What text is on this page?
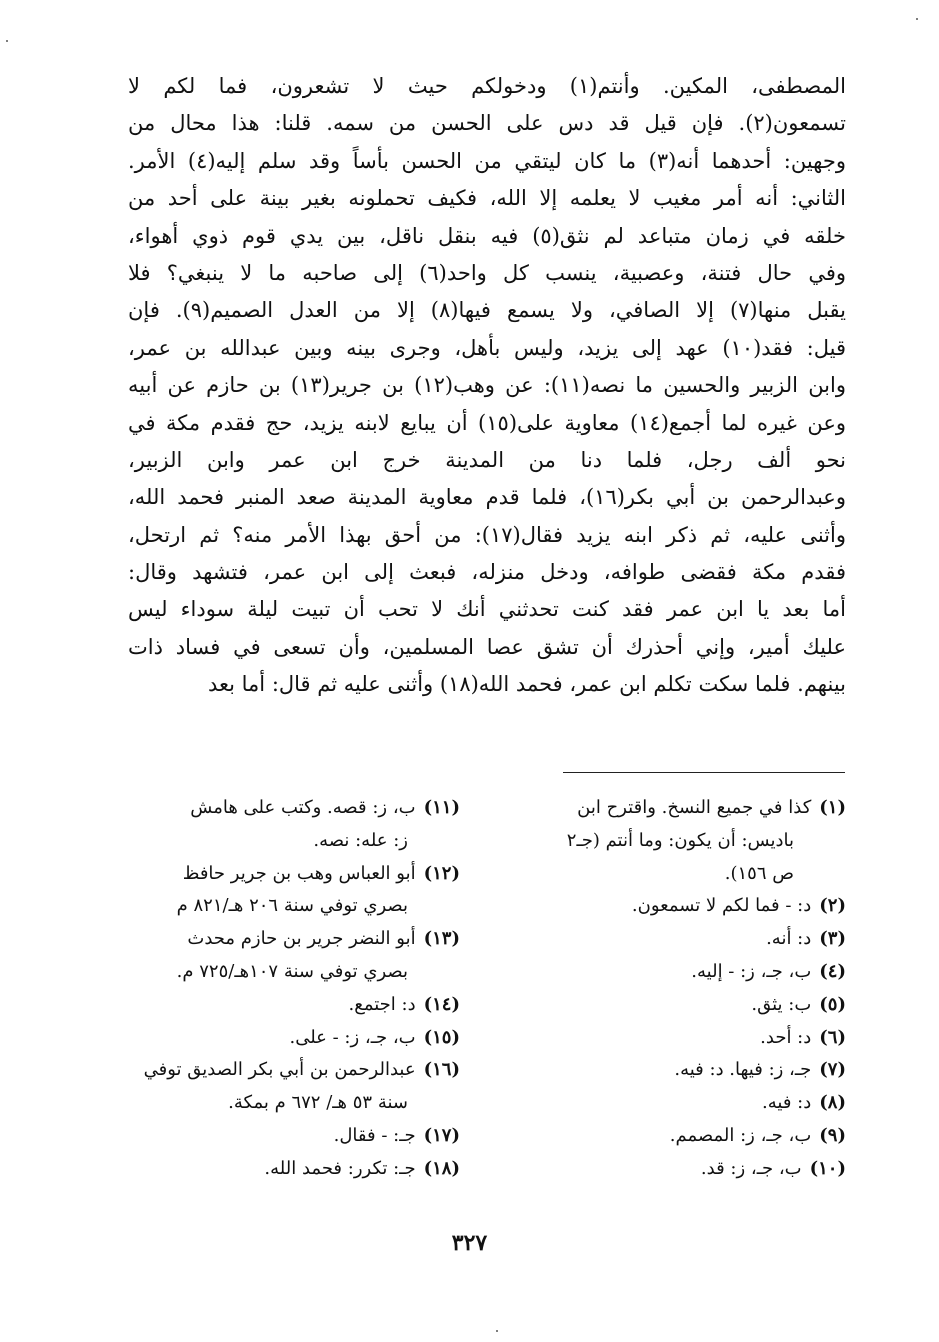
المصطفى، المكين. وأنتم(١) ودخولكم حيث لا تشعرون، فما لكم لا
تسمعون(٢). فإن قيل قد دس على الحسن من سمه. قلنا: هذا محال من
وجهين: أحدهما أنه(٣) ما كان ليتقي من الحسن بأساً وقد سلم إليه(٤) الأمر.
الثاني: أنه أمر مغيب لا يعلمه إلا الله، فكيف تحملونه بغير بينة على أحد من
خلقه في زمان متباعد لم نثق(٥) فيه بنقل ناقل، بين يدي قوم ذوي أهواء،
وفي حال فتنة، وعصبية، ينسب كل واحد(٦) إلى صاحبه ما لا ينبغي؟ فلا
يقبل منها(٧) إلا الصافي، ولا يسمع فيها(٨) إلا من العدل الصميم(٩). فإن
قيل: فقد(١٠) عهد إلى يزيد، وليس بأهل، وجرى بينه وبين عبدالله بن عمر،
وابن الزبير والحسين ما نصه(١١): عن وهب(١٢) بن جرير(١٣) بن حازم عن أبيه
وعن غيره لما أجمع(١٤) معاوية على(١٥) أن يبايع لابنه يزيد، حج فقدم مكة في
نحو ألف رجل، فلما دنا من المدينة خرج ابن عمر وابن الزبير،
وعبدالرحمن بن أبي بكر(١٦)، فلما قدم معاوية المدينة صعد المنبر فحمد الله،
وأثنى عليه، ثم ذكر ابنه يزيد فقال(١٧): من أحق بهذا الأمر منه؟ ثم ارتحل،
فقدم مكة فقضى طوافه، ودخل منزله، فبعث إلى ابن عمر، فتشهد وقال:
أما بعد يا ابن عمر فقد كنت تحدثني أنك لا تحب أن تبيت ليلة سوداء ليس
عليك أمير، وإني أحذرك أن تشق عصا المسلمين، وأن تسعى في فساد ذات
بينهم. فلما سكت تكلم ابن عمر، فحمد الله(١٨) وأثنى عليه ثم قال: أما بعد
(١)كذا في جميع النسخ. واقترح ابن
باديس: أن يكون: وما أنتم (جـ٢
ص ١٥٦).
(٢)د: - فما لكم لا تسمعون.
(٣)د: أنه.
(٤)ب، جـ، ز: - إليه.
(٥)ب: يثق.
(٦)د: أحد.
(٧)جـ، ز: فيها. د: فيه.
(٨)د: فيه.
(٩)ب، جـ، ز: المصمم.
(١٠)ب، جـ، ز: قد.
(١١)ب، ز: قصه. وكتب على هامش
ز: عله: نصه.
(١٢)أبو العباس وهب بن جرير حافظ
بصري توفي سنة ٢٠٦ هـ/٨٢١ م
(١٣)أبو النضر جرير بن حازم محدث
بصري توفي سنة ١٠٧هـ/٧٢٥ م.
(١٤)د: اجتمع.
(١٥)ب، جـ، ز: - على.
(١٦)عبدالرحمن بن أبي بكر الصديق توفي
سنة ٥٣ هـ/ ٦٧٢ م بمكة.
(١٧)جـ: - فقال.
(١٨)جـ: تكرر: فحمد الله.
٣٢٧
